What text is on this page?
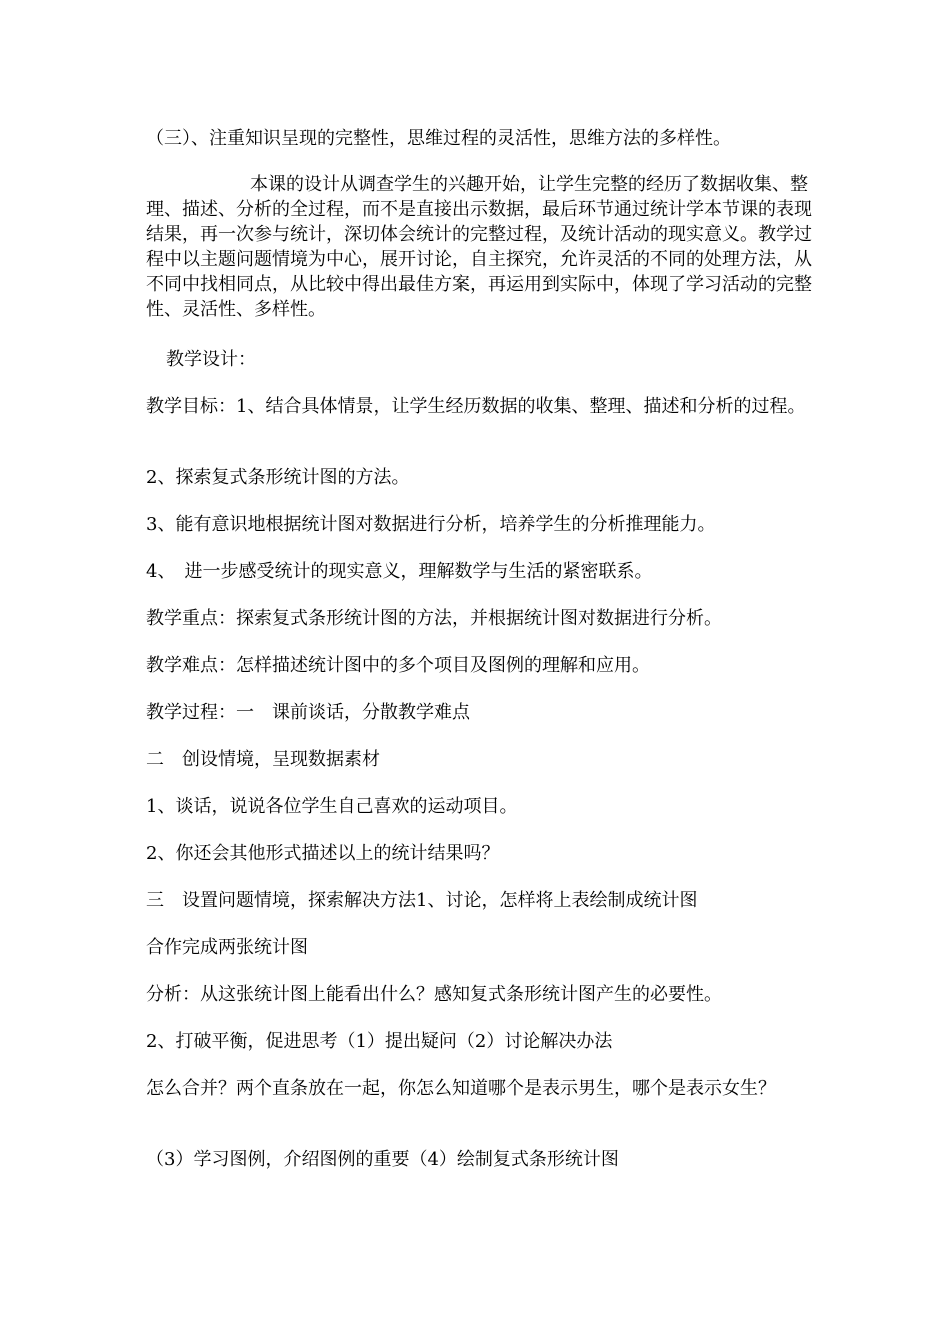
（三）、注重知识呈现的完整性，思维过程的灵活性，思维方法的多样性。

本课的设计从调查学生的兴趣开始，让学生完整的经历了数据收集、整理、描述、分析的全过程，而不是直接出示数据，最后环节通过统计学本节课的表现结果，再一次参与统计，深切体会统计的完整过程，及统计活动的现实意义。教学过程中以主题问题情境为中心，展开讨论，自主探究，允许灵活的不同的处理方法，从不同中找相同点，从比较中得出最佳方案，再运用到实际中，体现了学习活动的完整性、灵活性、多样性。

教学设计：

教学目标：1、结合具体情景，让学生经历数据的收集、整理、描述和分析的过程。

2、探索复式条形统计图的方法。

3、能有意识地根据统计图对数据进行分析，培养学生的分析推理能力。

4、　进一步感受统计的现实意义，理解数学与生活的紧密联系。

教学重点：探索复式条形统计图的方法，并根据统计图对数据进行分析。

教学难点：怎样描述统计图中的多个项目及图例的理解和应用。

教学过程：一　课前谈话，分散教学难点

二　创设情境，呈现数据素材

1、谈话，说说各位学生自己喜欢的运动项目。

2、你还会其他形式描述以上的统计结果吗？

三　设置问题情境，探索解决方法1、讨论，怎样将上表绘制成统计图

合作完成两张统计图

分析：从这张统计图上能看出什么？感知复式条形统计图产生的必要性。

2、打破平衡，促进思考（1）提出疑问（2）讨论解决办法

怎么合并？两个直条放在一起，你怎么知道哪个是表示男生，哪个是表示女生？

（3）学习图例，介绍图例的重要（4）绘制复式条形统计图
